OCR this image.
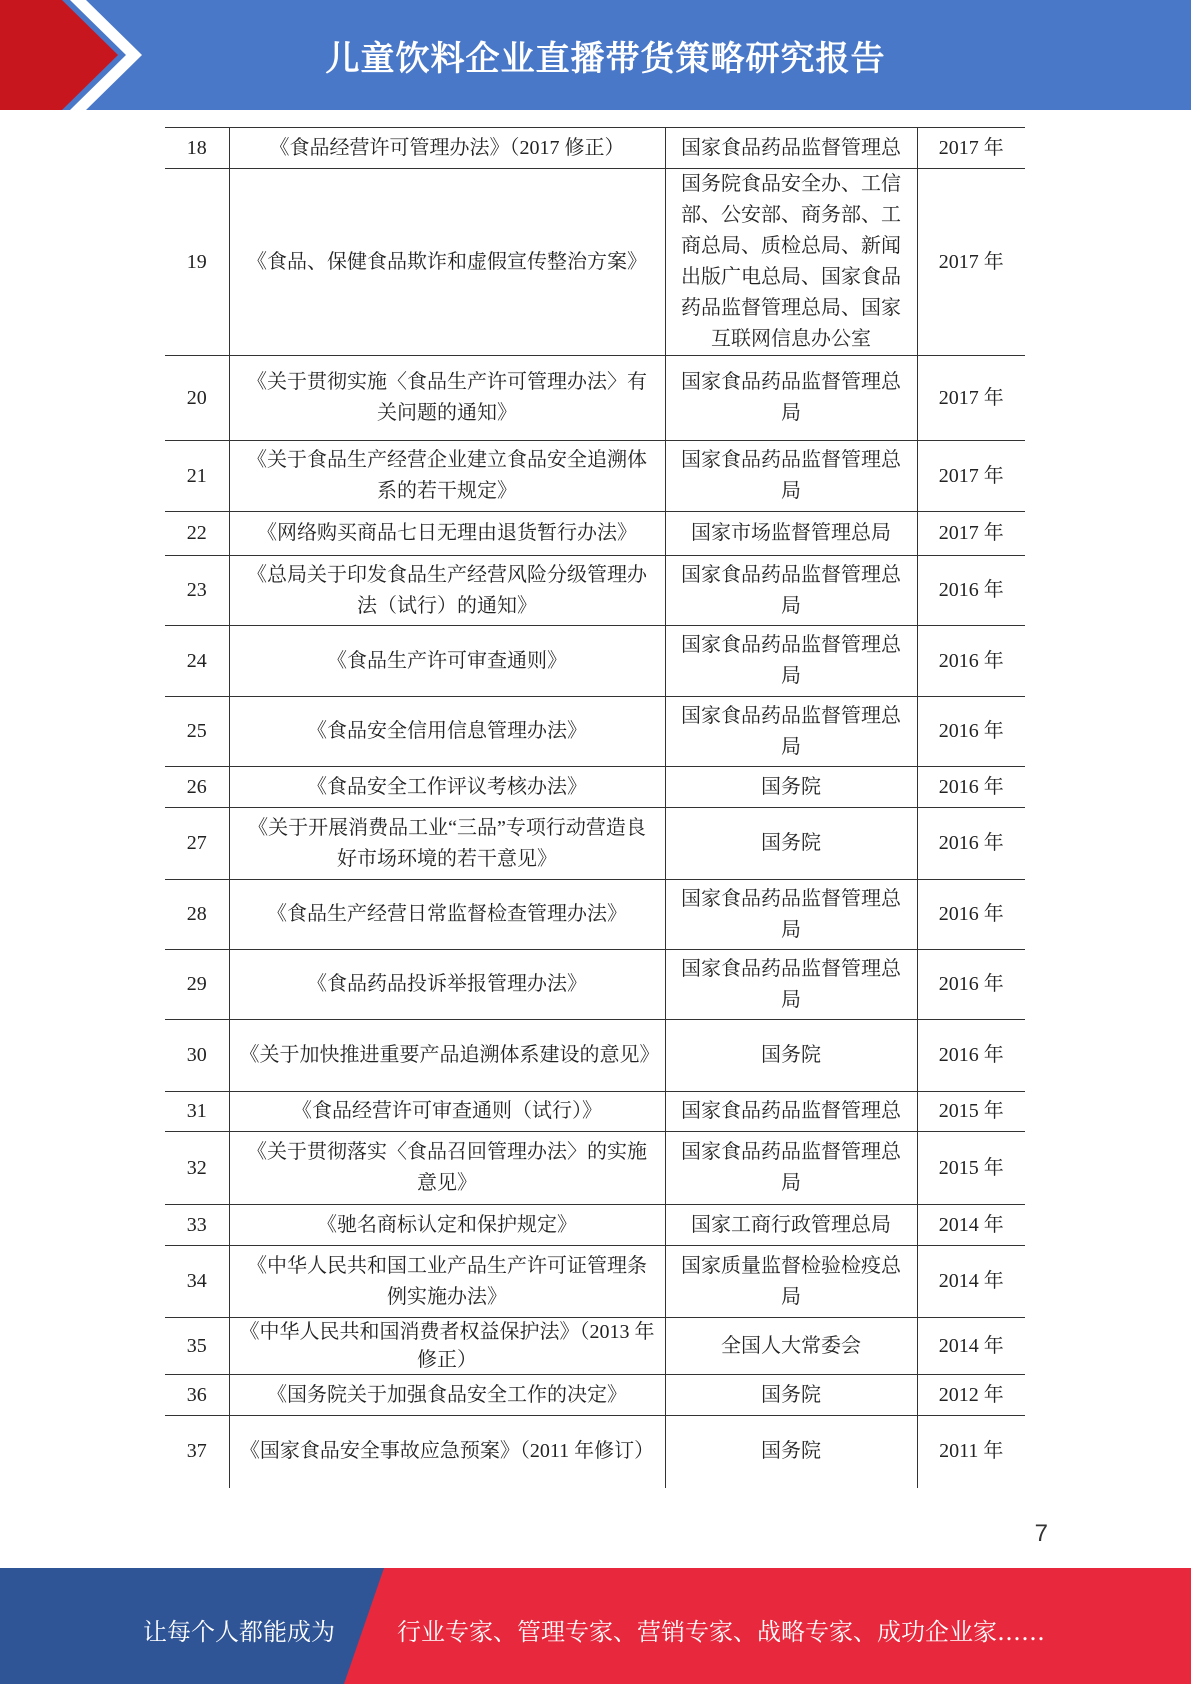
儿童饮料企业直播带货策略研究报告
18	《食品经营许可管理办法》（2017 修正）	国家食品药品监督管理总	2017 年
19	《食品、保健食品欺诈和虚假宣传整治方案》	国务院食品安全办、工信部、公安部、商务部、工商总局、质检总局、新闻出版广电总局、国家食品药品监督管理总局、国家互联网信息办公室	2017 年
20	《关于贯彻实施〈食品生产许可管理办法〉有关问题的通知》	国家食品药品监督管理总局	2017 年
21	《关于食品生产经营企业建立食品安全追溯体系的若干规定》	国家食品药品监督管理总局	2017 年
22	《网络购买商品七日无理由退货暂行办法》	国家市场监督管理总局	2017 年
23	《总局关于印发食品生产经营风险分级管理办法（试行）的通知》	国家食品药品监督管理总局	2016 年
24	《食品生产许可审查通则》	国家食品药品监督管理总局	2016 年
25	《食品安全信用信息管理办法》	国家食品药品监督管理总局	2016 年
26	《食品安全工作评议考核办法》	国务院	2016 年
27	《关于开展消费品工业“三品”专项行动营造良好市场环境的若干意见》	国务院	2016 年
28	《食品生产经营日常监督检查管理办法》	国家食品药品监督管理总局	2016 年
29	《食品药品投诉举报管理办法》	国家食品药品监督管理总局	2016 年
30	《关于加快推进重要产品追溯体系建设的意见》	国务院	2016 年
31	《食品经营许可审查通则（试行）》	国家食品药品监督管理总	2015 年
32	《关于贯彻落实〈食品召回管理办法〉的实施意见》	国家食品药品监督管理总局	2015 年
33	《驰名商标认定和保护规定》	国家工商行政管理总局	2014 年
34	《中华人民共和国工业产品生产许可证管理条例实施办法》	国家质量监督检验检疫总局	2014 年
35	《中华人民共和国消费者权益保护法》（2013 年修正）	全国人大常委会	2014 年
36	《国务院关于加强食品安全工作的决定》	国务院	2012 年
37	《国家食品安全事故应急预案》（2011 年修订）	国务院	2011 年
7
让每个人都能成为	行业专家、管理专家、营销专家、战略专家、成功企业家……
